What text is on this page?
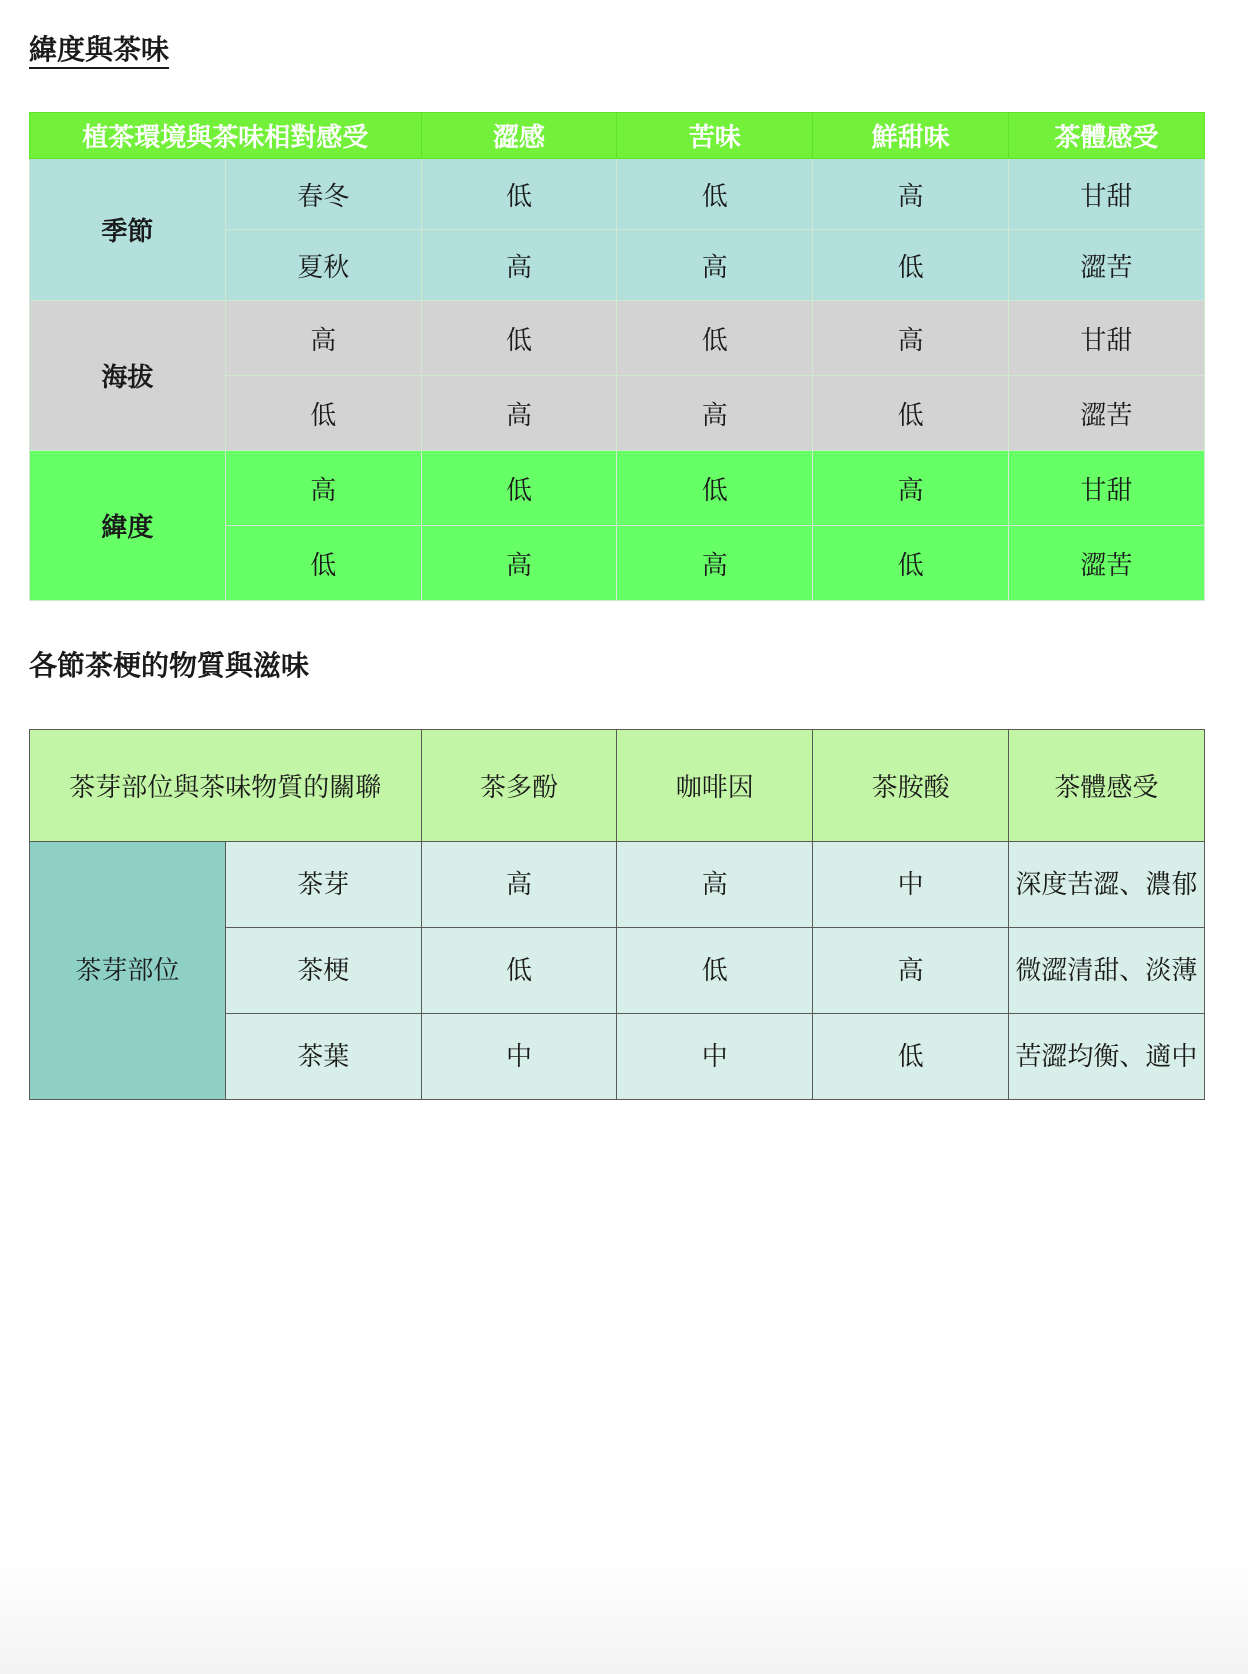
緯度與茶味
植茶環境與茶味相對感受		澀感	苦味	鮮甜味	茶體感受
季節	春冬	低	低	高	甘甜
	夏秋	高	高	低	澀苦
海拔	高	低	低	高	甘甜
	低	高	高	低	澀苦
緯度	高	低	低	高	甘甜
	低	高	高	低	澀苦
各節茶梗的物質與滋味
茶芽部位與茶味物質的關聯		茶多酚	咖啡因	茶胺酸	茶體感受
茶芽部位	茶芽	高	高	中	深度苦澀、濃郁
	茶梗	低	低	高	微澀清甜、淡薄
	茶葉	中	中	低	苦澀均衡、適中
